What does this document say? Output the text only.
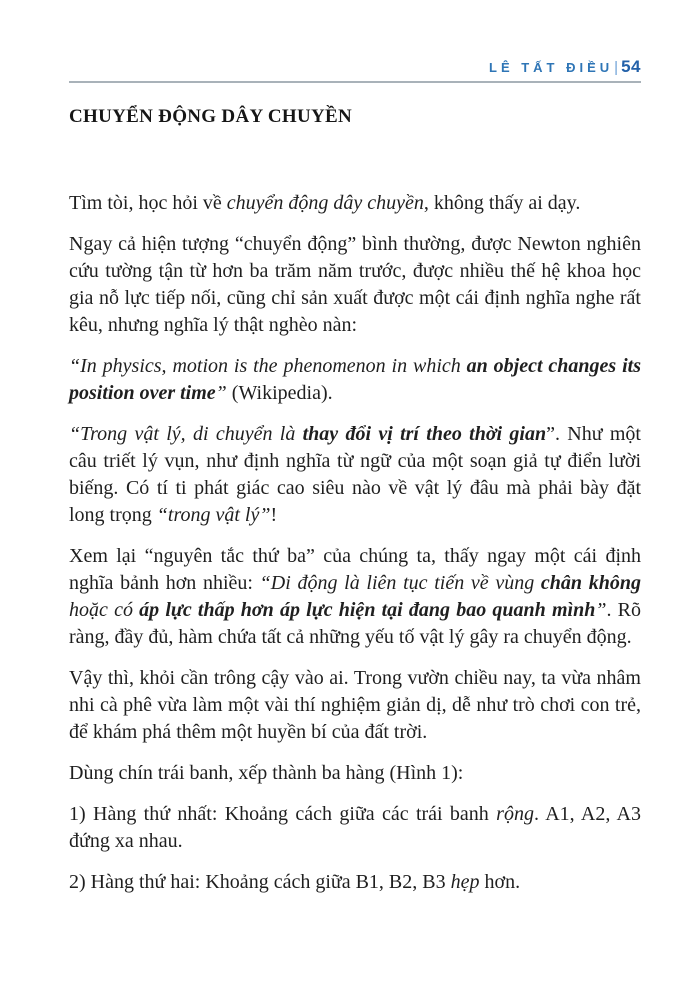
LÊ TẤT ĐIỀU| 54
CHUYỂN ĐỘNG DÂY CHUYỀN

Tìm tòi, học hỏi về chuyển động dây chuyền, không thấy ai dạy.

Ngay cả hiện tượng “chuyển động” bình thường, được Newton nghiên cứu tường tận từ hơn ba trăm năm trước, được nhiều thế hệ khoa học gia nỗ lực tiếp nối, cũng chỉ sản xuất được một cái định nghĩa nghe rất kêu, nhưng nghĩa lý thật nghèo nàn:

“In physics, motion is the phenomenon in which an object changes its position over time” (Wikipedia).

“Trong vật lý, di chuyển là thay đổi vị trí theo thời gian”. Như một câu triết lý vụn, như định nghĩa từ ngữ của một soạn giả tự điển lười biếng. Có tí ti phát giác cao siêu nào về vật lý đâu mà phải bày đặt long trọng “trong vật lý”!

Xem lại “nguyên tắc thứ ba” của chúng ta, thấy ngay một cái định nghĩa bảnh hơn nhiều: “Di động là liên tục tiến về vùng chân không hoặc có áp lực thấp hơn áp lực hiện tại đang bao quanh mình”. Rõ ràng, đầy đủ, hàm chứa tất cả những yếu tố vật lý gây ra chuyển động.

Vậy thì, khỏi cần trông cậy vào ai. Trong vườn chiều nay, ta vừa nhâm nhi cà phê vừa làm một vài thí nghiệm giản dị, dễ như trò chơi con trẻ, để khám phá thêm một huyền bí của đất trời.

Dùng chín trái banh, xếp thành ba hàng (Hình 1):

1) Hàng thứ nhất: Khoảng cách giữa các trái banh rộng. A1, A2, A3 đứng xa nhau.

2) Hàng thứ hai: Khoảng cách giữa B1, B2, B3 hẹp hơn.
